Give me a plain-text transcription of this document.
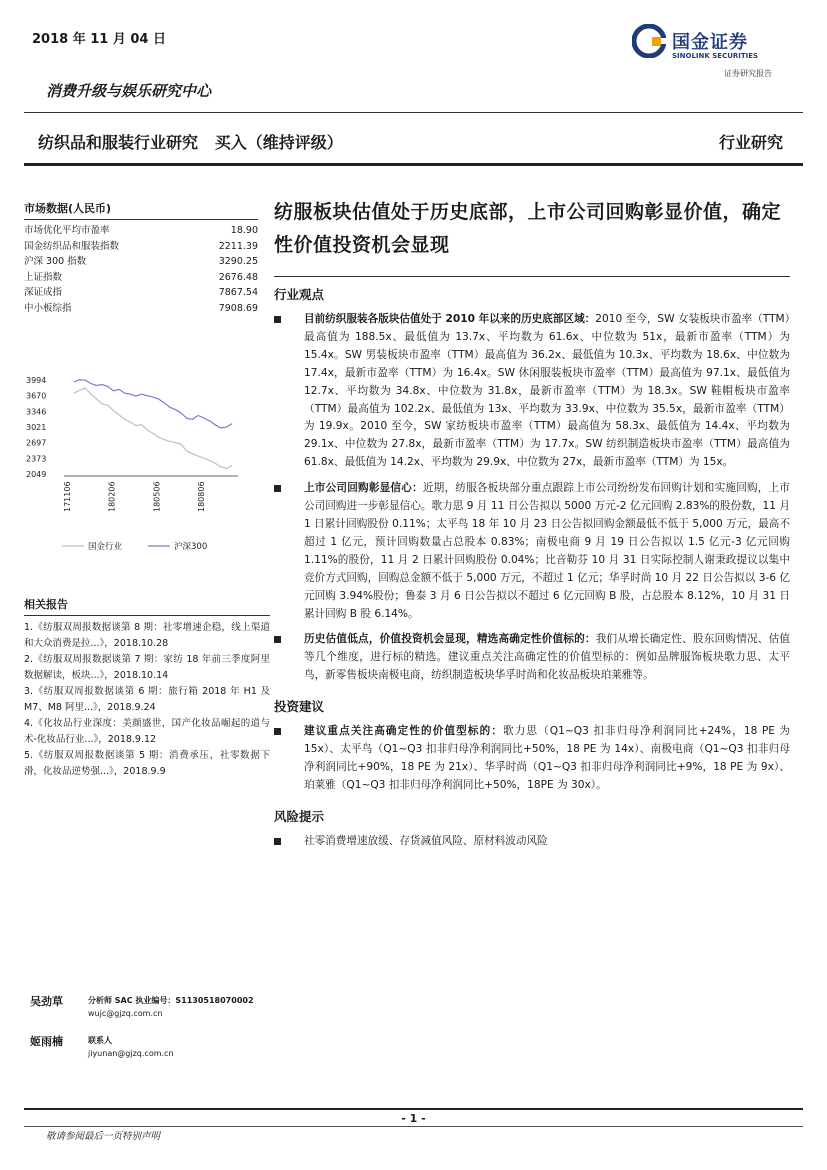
2018 年 11 月 04 日	国金证券
SINOLINK SECURITIES
证券研究报告
消费升级与娱乐研究中心
纺织品和服装行业研究   买入（维持评级）	行业研究
市场数据(人民币)
市场优化平均市盈率	18.90
国金纺织品和服装指数	2211.39
沪深 300 指数	3290.25
上证指数	2676.48
深证成指	7867.54
中小板综指	7908.69
3994
3670
3346
3021
2697
2373
2049
171106	180206	180506	180806
国金行业	沪深300
相关报告
1.《纺服双周报数据谈第 8 期：社零增速企稳，线上渠道和大众消费是拉...》，2018.10.28
2.《纺服双周报数据谈第 7 期：家纺 18 年前三季度阿里数据解读，板块...》，2018.10.14
3.《纺服双周报数据谈第 6 期：旅行箱 2018 年 H1 及 M7、M8 阿里...》，2018.9.24
4.《化妆品行业深度：美颜盛世，国产化妆品崛起的道与术-化妆品行业...》，2018.9.12
5.《纺服双周报数据谈第 5 期：消费承压，社零数据下滑，化妆品逆势强...》，2018.9.9
吴劲草	分析师 SAC 执业编号：S1130518070002
wujc@gjzq.com.cn
姬雨楠	联系人
jiyunan@gjzq.com.cn
纺服板块估值处于历史底部，上市公司回购彰显价值，确定性价值投资机会显现
行业观点
目前纺织服装各版块估值处于 2010 年以来的历史底部区域：2010 至今，SW 女装板块市盈率（TTM）最高值为 188.5x、最低值为 13.7x、平均数为 61.6x、中位数为 51x，最新市盈率（TTM）为 15.4x。SW 男装板块市盈率（TTM）最高值为 36.2x、最低值为 10.3x、平均数为 18.6x、中位数为 17.4x，最新市盈率（TTM）为 16.4x。SW 休闲服装板块市盈率（TTM）最高值为 97.1x、最低值为 12.7x、平均数为 34.8x、中位数为 31.8x，最新市盈率（TTM）为 18.3x。SW 鞋帽板块市盈率（TTM）最高值为 102.2x、最低值为 13x、平均数为 33.9x、中位数为 35.5x，最新市盈率（TTM）为 19.9x。2010 至今，SW 家纺板块市盈率（TTM）最高值为 58.3x、最低值为 14.4x、平均数为 29.1x、中位数为 27.8x，最新市盈率（TTM）为 17.7x。SW 纺织制造板块市盈率（TTM）最高值为 61.8x、最低值为 14.2x、平均数为 29.9x、中位数为 27x，最新市盈率（TTM）为 15x。
上市公司回购彰显信心：近期，纺服各板块部分重点跟踪上市公司纷纷发布回购计划和实施回购，上市公司回购进一步彰显信心。歌力思 9 月 11 日公告拟以 5000 万元-2 亿元回购 2.83%的股份数，11 月 1 日累计回购股份 0.11%；太平鸟 18 年 10 月 23 日公告拟回购金额最低不低于 5,000 万元，最高不超过 1 亿元，预计回购数量占总股本 0.83%；南极电商 9 月 19 日公告拟以 1.5 亿元-3 亿元回购 1.11%的股份，11 月 2 日累计回购股份 0.04%；比音勒芬 10 月 31 日实际控制人谢秉政提议以集中竞价方式回购，回购总金额不低于 5,000 万元，不超过 1 亿元；华孚时尚 10 月 22 日公告拟以 3-6 亿元回购 3.94%股份；鲁泰 3 月 6 日公告拟以不超过 6 亿元回购 B 股，占总股本 8.12%，10 月 31 日累计回购 B 股 6.14%。
历史估值低点，价值投资机会显现，精选高确定性价值标的：我们从增长确定性、股东回购情况、估值等几个维度，进行标的精选。建议重点关注高确定性的价值型标的：例如品牌服饰板块歌力思、太平鸟，新零售板块南极电商，纺织制造板块华孚时尚和化妆品板块珀莱雅等。
投资建议
建议重点关注高确定性的价值型标的：歌力思（Q1~Q3 扣非归母净利润同比+24%，18 PE 为 15x）、太平鸟（Q1~Q3 扣非归母净利润同比+50%，18 PE 为 14x）、南极电商（Q1~Q3 扣非归母净利润同比+90%，18 PE 为 21x）、华孚时尚（Q1~Q3 扣非归母净利润同比+9%，18 PE 为 9x）、珀莱雅（Q1~Q3 扣非归母净利润同比+50%，18PE 为 30x）。
风险提示
社零消费增速放缓、存货减值风险、原材料波动风险
- 1 -
敬请参阅最后一页特别声明
